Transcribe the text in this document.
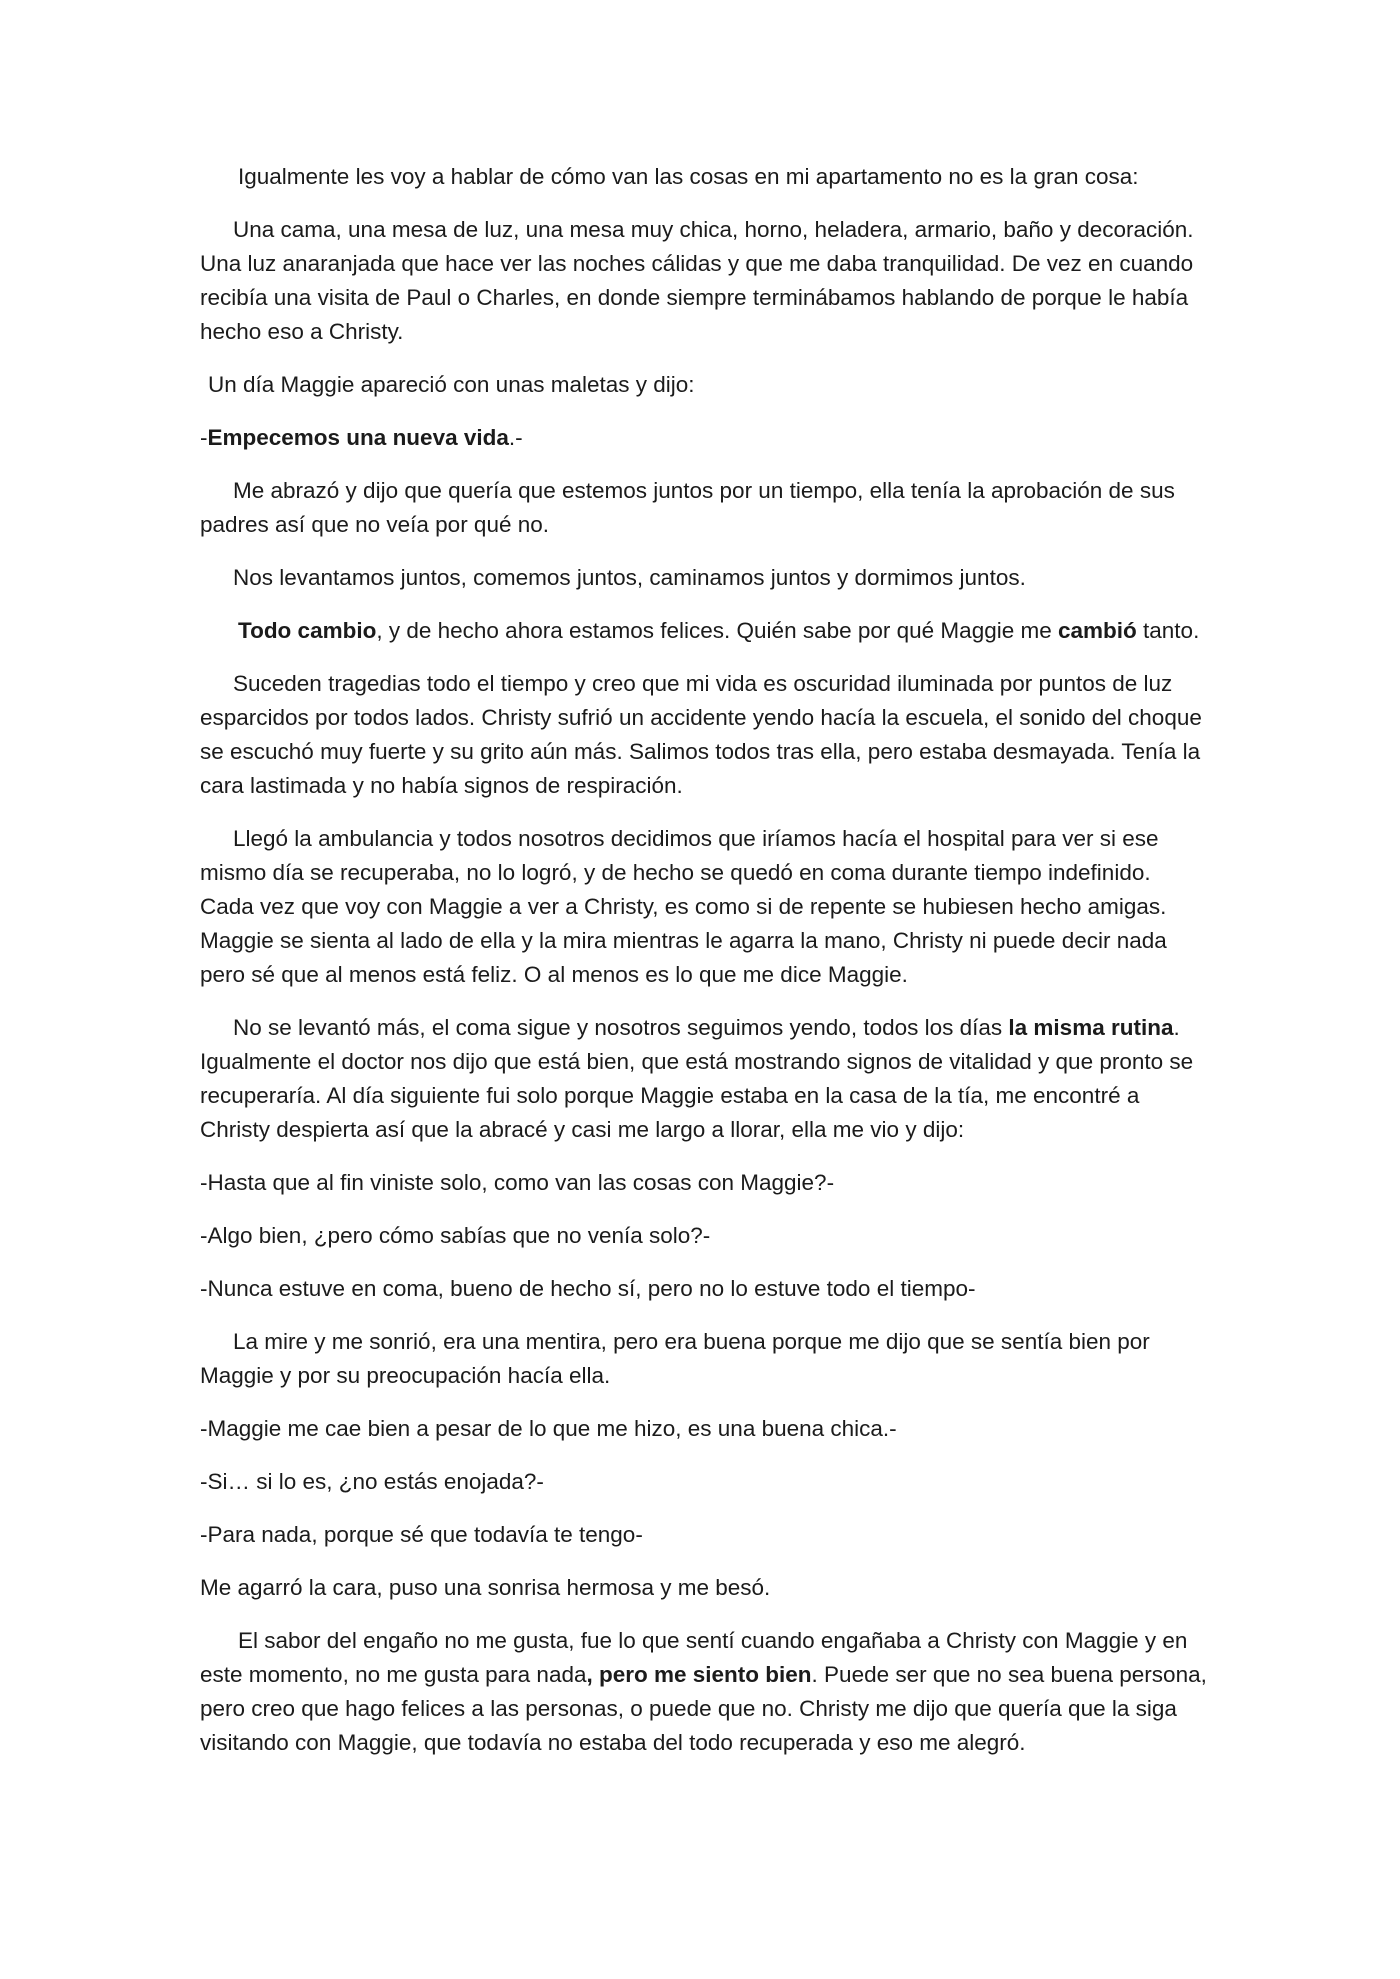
Igualmente les voy a hablar de cómo van las cosas en mi apartamento no es la gran cosa:

Una cama, una mesa de luz, una mesa muy chica, horno, heladera, armario, baño y decoración. Una luz anaranjada que hace ver las noches cálidas y que me daba tranquilidad. De vez en cuando recibía una visita de Paul o Charles, en donde siempre terminábamos hablando de porque le había hecho eso a Christy.

Un día Maggie apareció con unas maletas y dijo:

-Empecemos una nueva vida.-

Me abrazó y dijo que quería que estemos juntos por un tiempo, ella tenía la aprobación de sus padres así que no veía por qué no.

Nos levantamos juntos, comemos juntos, caminamos juntos y dormimos juntos.

Todo cambio, y de hecho ahora estamos felices. Quién sabe por qué Maggie me cambió tanto.

Suceden tragedias todo el tiempo y creo que mi vida es oscuridad iluminada por puntos de luz esparcidos por todos lados. Christy sufrió un accidente yendo hacía la escuela, el sonido del choque se escuchó muy fuerte y su grito aún más. Salimos todos tras ella, pero estaba desmayada. Tenía la cara lastimada y no había signos de respiración.

Llegó la ambulancia y todos nosotros decidimos que iríamos hacía el hospital para ver si ese mismo día se recuperaba, no lo logró, y de hecho se quedó en coma durante tiempo indefinido. Cada vez que voy con Maggie a ver a Christy, es como si de repente se hubiesen hecho amigas. Maggie se sienta al lado de ella y la mira mientras le agarra la mano, Christy ni puede decir nada pero sé que al menos está feliz. O al menos es lo que me dice Maggie.

No se levantó más, el coma sigue y nosotros seguimos yendo, todos los días la misma rutina. Igualmente el doctor nos dijo que está bien, que está mostrando signos de vitalidad y que pronto se recuperaría. Al día siguiente fui solo porque Maggie estaba en la casa de la tía, me encontré a Christy despierta así que la abracé y casi me largo a llorar, ella me vio y dijo:

-Hasta que al fin viniste solo, como van las cosas con Maggie?-

-Algo bien, ¿pero cómo sabías que no venía solo?-

-Nunca estuve en coma, bueno de hecho sí, pero no lo estuve todo el tiempo-

La mire y me sonrió, era una mentira, pero era buena porque me dijo que se sentía bien por Maggie y por su preocupación hacía ella.

-Maggie me cae bien a pesar de lo que me hizo, es una buena chica.-

-Si… si lo es, ¿no estás enojada?-

-Para nada, porque sé que todavía te tengo-

Me agarró la cara, puso una sonrisa hermosa y me besó.

El sabor del engaño no me gusta, fue lo que sentí cuando engañaba a Christy con Maggie y en este momento, no me gusta para nada, pero me siento bien. Puede ser que no sea buena persona, pero creo que hago felices a las personas, o puede que no. Christy me dijo que quería que la siga visitando con Maggie, que todavía no estaba del todo recuperada y eso me alegró.
